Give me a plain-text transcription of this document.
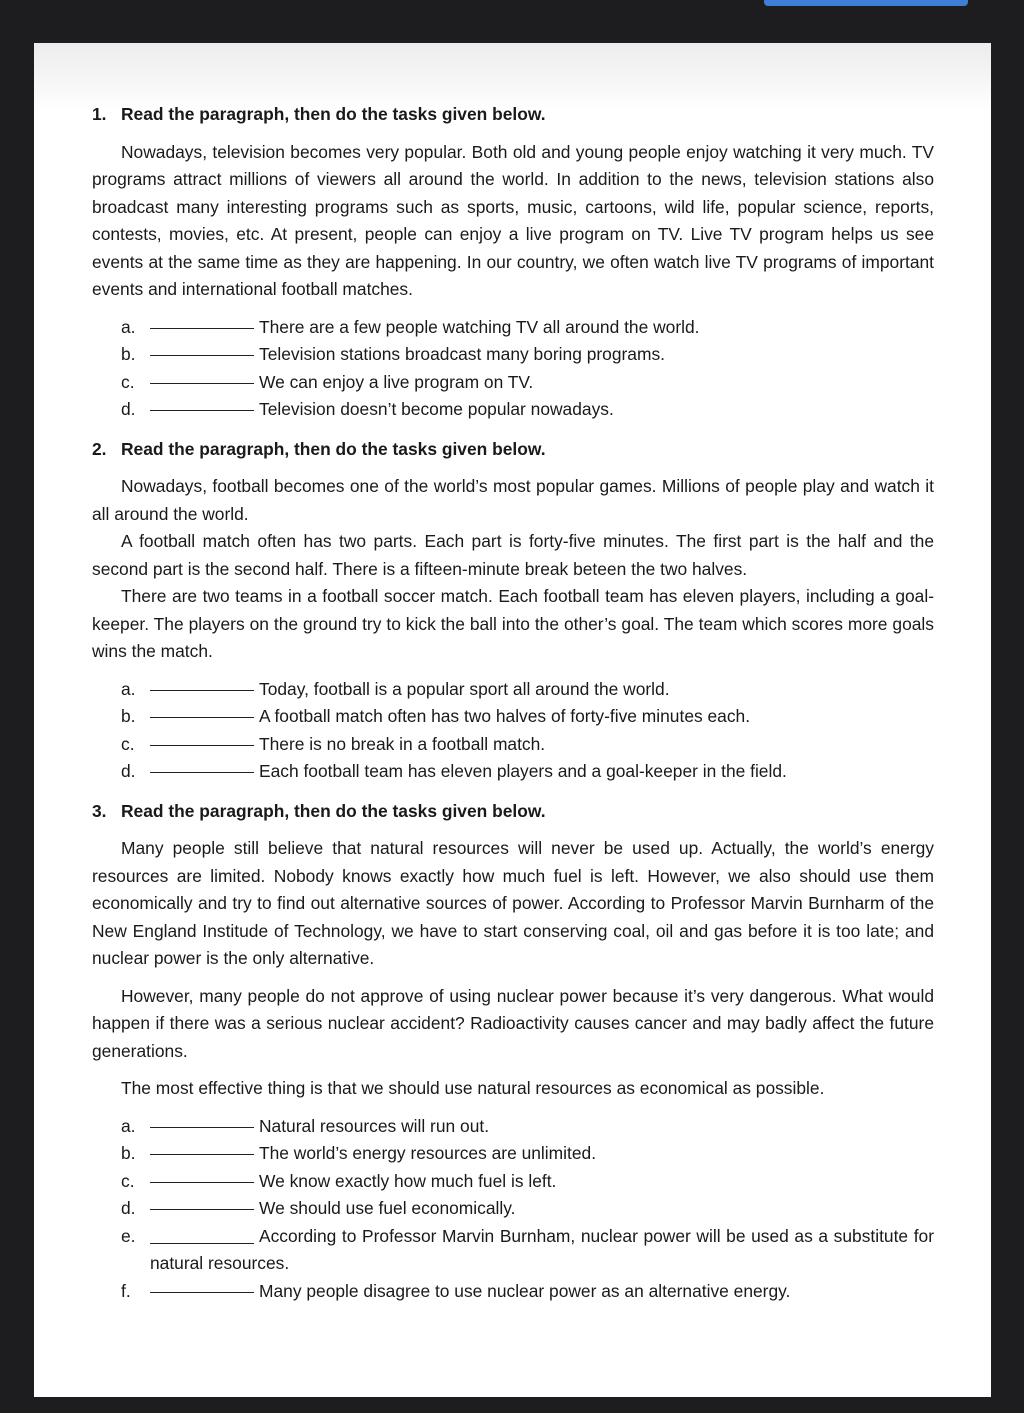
1. Read the paragraph, then do the tasks given below.

Nowadays, television becomes very popular. Both old and young people enjoy watching it very much. TV programs attract millions of viewers all around the world. In addition to the news, television stations also broadcast many interesting programs such as sports, music, cartoons, wild life, popular science, reports, contests, movies, etc. At present, people can enjoy a live program on TV. Live TV program helps us see events at the same time as they are happening. In our country, we often watch live TV programs of important events and international football matches.

a.	There are a few people watching TV all around the world.
b.	Television stations broadcast many boring programs.
c.	We can enjoy a live program on TV.
d.	Television doesn’t become popular nowadays.
2. Read the paragraph, then do the tasks given below.

Nowadays, football becomes one of the world’s most popular games. Millions of people play and watch it all around the world.

A football match often has two parts. Each part is forty-five minutes. The first part is the half and the second part is the second half. There is a fifteen-minute break beteen the two halves.

There are two teams in a football soccer match. Each football team has eleven players, including a goal-keeper. The players on the ground try to kick the ball into the other’s goal. The team which scores more goals wins the match.

a.	Today, football is a popular sport all around the world.
b.	A football match often has two halves of forty-five minutes each.
c.	There is no break in a football match.
d.	Each football team has eleven players and a goal-keeper in the field.
3. Read the paragraph, then do the tasks given below.

Many people still believe that natural resources will never be used up. Actually, the world’s energy resources are limited. Nobody knows exactly how much fuel is left. However, we also should use them economically and try to find out alternative sources of power. According to Professor Marvin Burnharm of the New England Institude of Technology, we have to start conserving coal, oil and gas before it is too late; and nuclear power is the only alternative.

However, many people do not approve of using nuclear power because it’s very dangerous. What would happen if there was a serious nuclear accident? Radioactivity causes cancer and may badly affect the future generations.

The most effective thing is that we should use natural resources as economical as possible.

a.	Natural resources will run out.
b.	The world’s energy resources are unlimited.
c.	We know exactly how much fuel is left.
d.	We should use fuel economically.
e.	According to Professor Marvin Burnham, nuclear power will be used as a substitute for natural resources.
f.	Many people disagree to use nuclear power as an alternative energy.
